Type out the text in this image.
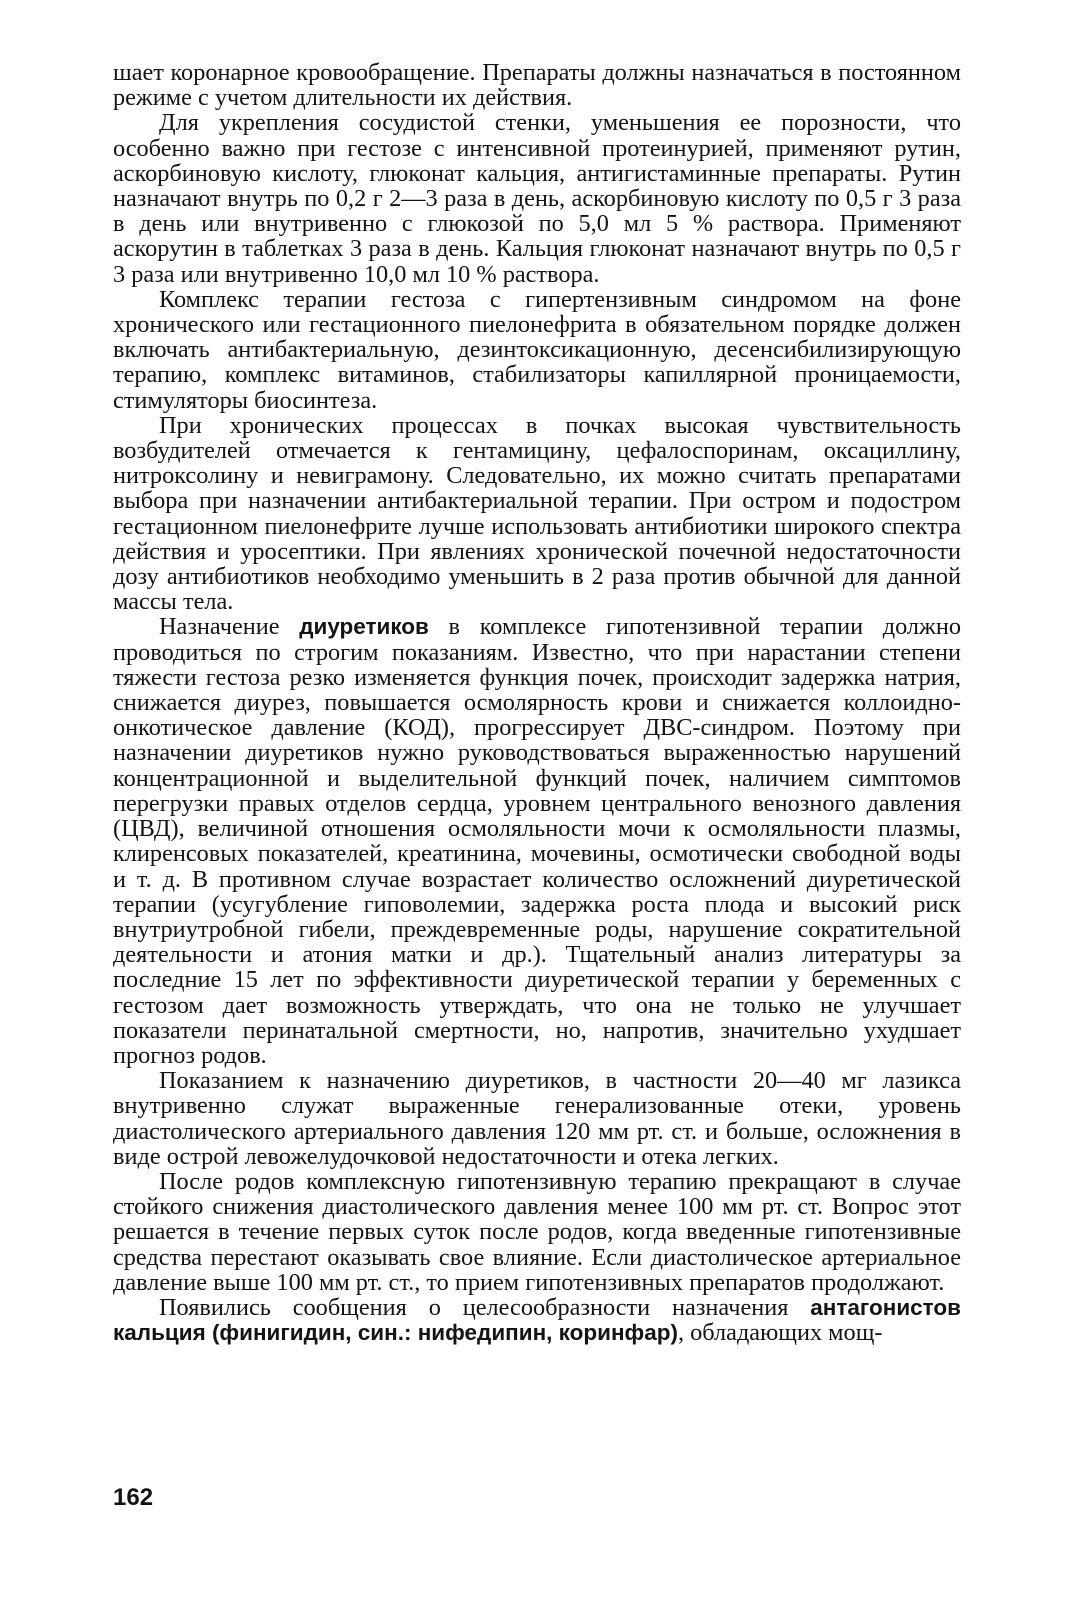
шает коронарное кровообращение. Препараты должны назначаться в постоянном режиме с учетом длительности их действия.

Для укрепления сосудистой стенки, уменьшения ее порозности, что особенно важно при гестозе с интенсивной протеинурией, применяют рутин, аскорбиновую кислоту, глюконат кальция, антигистаминные препараты. Рутин назначают внутрь по 0,2 г 2—3 раза в день, аскорбиновую кислоту по 0,5 г 3 раза в день или внутривенно с глюкозой по 5,0 мл 5 % раствора. Применяют аскорутин в таблетках 3 раза в день. Кальция глюконат назначают внутрь по 0,5 г 3 раза или внутривенно 10,0 мл 10 % раствора.

Комплекс терапии гестоза с гипертензивным синдромом на фоне хронического или гестационного пиелонефрита в обязательном порядке должен включать антибактериальную, дезинтоксикационную, десенсибилизирующую терапию, комплекс витаминов, стабилизаторы капиллярной проницаемости, стимуляторы биосинтеза.

При хронических процессах в почках высокая чувствительность возбудителей отмечается к гентамицину, цефалоспоринам, оксациллину, нитроксолину и невиграмону. Следовательно, их можно считать препаратами выбора при назначении антибактериальной терапии. При остром и подостром гестационном пиелонефрите лучше использовать антибиотики широкого спектра действия и уросептики. При явлениях хронической почечной недостаточности дозу антибиотиков необходимо уменьшить в 2 раза против обычной для данной массы тела.

Назначение диуретиков в комплексе гипотензивной терапии должно проводиться по строгим показаниям. Известно, что при нарастании степени тяжести гестоза резко изменяется функция почек, происходит задержка натрия, снижается диурез, повышается осмолярность крови и снижается коллоидно-онкотическое давление (КОД), прогрессирует ДВС-синдром. Поэтому при назначении диуретиков нужно руководствоваться выраженностью нарушений концентрационной и выделительной функций почек, наличием симптомов перегрузки правых отделов сердца, уровнем центрального венозного давления (ЦВД), величиной отношения осмоляльности мочи к осмоляльности плазмы, клиренсовых показателей, креатинина, мочевины, осмотически свободной воды и т. д. В противном случае возрастает количество осложнений диуретической терапии (усугубление гиповолемии, задержка роста плода и высокий риск внутриутробной гибели, преждевременные роды, нарушение сократительной деятельности и атония матки и др.). Тщательный анализ литературы за последние 15 лет по эффективности диуретической терапии у беременных с гестозом дает возможность утверждать, что она не только не улучшает показатели перинатальной смертности, но, напротив, значительно ухудшает прогноз родов.

Показанием к назначению диуретиков, в частности 20—40 мг лазикса внутривенно служат выраженные генерализованные отеки, уровень диастолического артериального давления 120 мм рт. ст. и больше, осложнения в виде острой левожелудочковой недостаточности и отека легких.

После родов комплексную гипотензивную терапию прекращают в случае стойкого снижения диастолического давления менее 100 мм рт. ст. Вопрос этот решается в течение первых суток после родов, когда введенные гипотензивные средства перестают оказывать свое влияние. Если диастолическое артериальное давление выше 100 мм рт. ст., то прием гипотензивных препаратов продолжают.

Появились сообщения о целесообразности назначения антагонистов кальция (финигидин, син.: нифедипин, коринфар), обладающих мощ-

162
